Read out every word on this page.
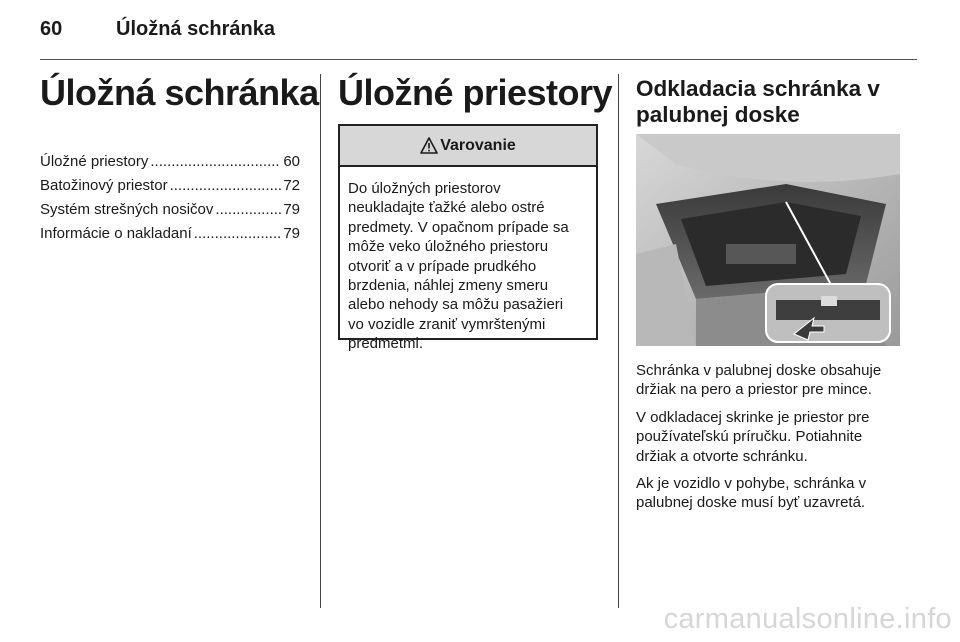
60	Úložná schránka
Úložná schránka
Úložné priestory .....	60
Batožinový priestor .....	72
Systém strešných nosičov .....	79
Informácie o nakladaní .....	79
Úložné priestory
Varovanie
Do úložných priestorov
neukladajte ťažké alebo ostré
predmety. V opačnom prípade sa
môže veko úložného priestoru
otvoriť a v prípade prudkého
brzdenia, náhlej zmeny smeru
alebo nehody sa môžu pasažieri
vo vozidle zraniť vymrštenými
predmetmi.
Odkladacia schránka v
palubnej doske

Schránka v palubnej doske obsahuje
držiak na pero a priestor pre mince.

V odkladacej skrinke je priestor pre
používateľskú príručku. Potiahnite
držiak a otvorte schránku.

Ak je vozidlo v pohybe, schránka v
palubnej doske musí byť uzavretá.

carmanualsonline.info
